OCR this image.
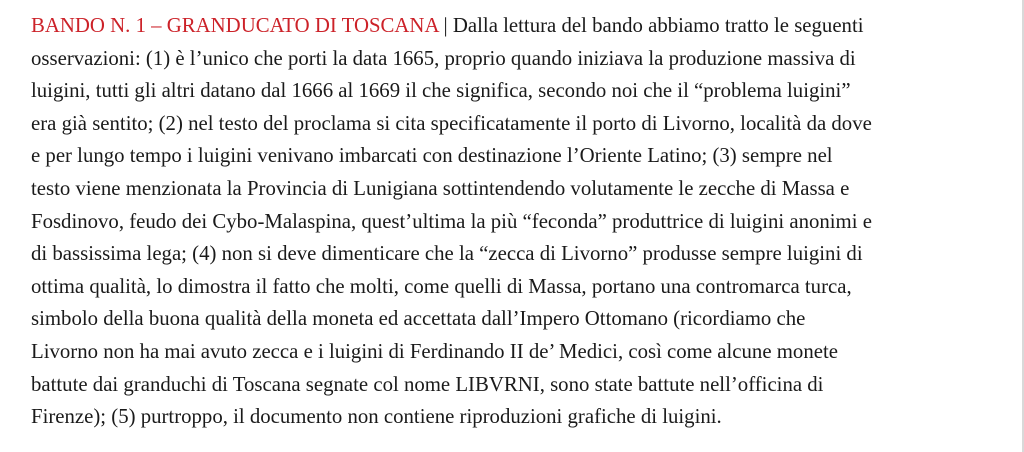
BANDO N. 1 – GRANDUCATO DI TOSCANA | Dalla lettura del bando abbiamo tratto le seguenti
osservazioni: (1) è l’unico che porti la data 1665, proprio quando iniziava la produzione massiva di
luigini, tutti gli altri datano dal 1666 al 1669 il che significa, secondo noi che il “problema luigini”
era già sentito; (2) nel testo del proclama si cita specificatamente il porto di Livorno, località da dove
e per lungo tempo i luigini venivano imbarcati con destinazione l’Oriente Latino; (3) sempre nel
testo viene menzionata la Provincia di Lunigiana sottintendendo volutamente le zecche di Massa e
Fosdinovo, feudo dei Cybo-Malaspina, quest’ultima la più “feconda” produttrice di luigini anonimi e
di bassissima lega; (4) non si deve dimenticare che la “zecca di Livorno” produsse sempre luigini di
ottima qualità, lo dimostra il fatto che molti, come quelli di Massa, portano una contromarca turca,
simbolo della buona qualità della moneta ed accettata dall’Impero Ottomano (ricordiamo che
Livorno non ha mai avuto zecca e i luigini di Ferdinando II de’ Medici, così come alcune monete
battute dai granduchi di Toscana segnate col nome LIBVRNI, sono state battute nell’officina di
Firenze); (5) purtroppo, il documento non contiene riproduzioni grafiche di luigini.
